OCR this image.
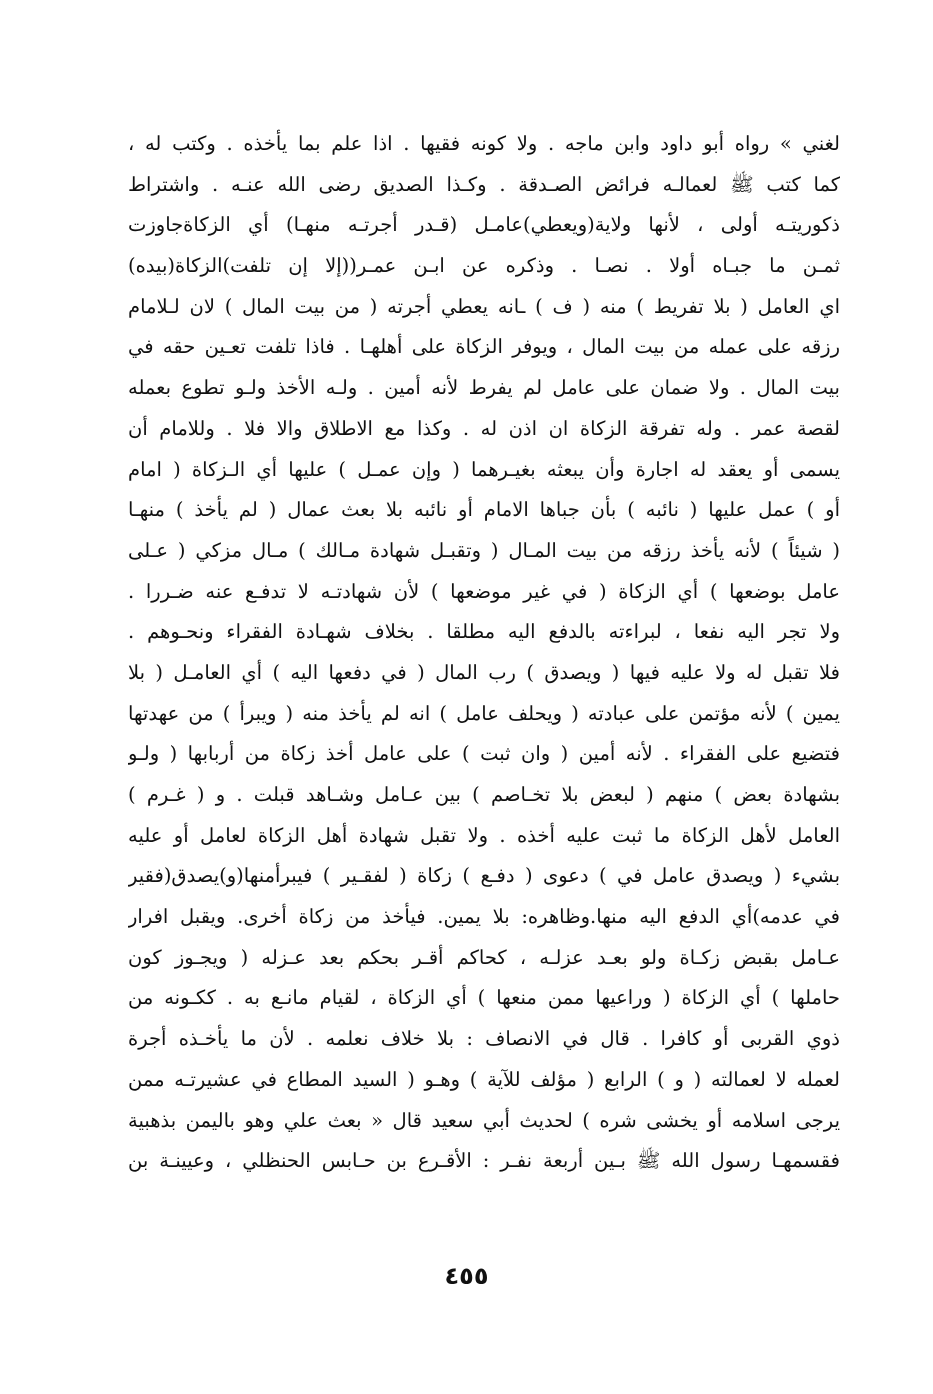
لغني » رواه أبو داود وابن ماجه . ولا كونه فقيها . اذا علم بما يأخذه . وكتب له ،
كما كتب ﷺ لعمالـه فرائض الصـدقة . وكـذا الصديق رضى الله عنـه . واشتراط
ذكوريتـه أولى ، لأنها ولاية(ويعطي)عامـل (قـدر أجرتـه منهـا) أي الزكاةجاوزت
ثمـن ما جبـاه أولا . نصـا . وذكره عن ابـن عمـر((إلا إن تلفت)الزكاة(بيده)
اي العامل ( بلا تفريط ) منه ( ف ) ـانه يعطي أجرته ( من بيت المال ) لان لـلامام
رزقه على عمله من بيت المال ، ويوفر الزكاة على أهلهـا . فاذا تلفت تعـين حقه في
بيت المال . ولا ضمان على عامل لم يفرط لأنه أمين . ولـه الأخذ ولـو تطوع بعمله
لقصة عمر . وله تفرقة الزكاة ان اذن له . وكذا مع الاطلاق والا فلا . وللامام أن
يسمى أو يعقد له اجارة وأن يبعثه بغيـرهما ( وإن عمـل ) عليها أي الـزكاة ( امام
أو ) عمل عليها ( نائبه ) بأن جباها الامام أو نائبه بلا بعث عمال ( لم يأخذ ) منهـا
( شيئاً ) لأنه يأخذ رزقه من بيت المـال ( وتقبـل شهادة مـالك ) مـال مزكي ( عـلى
عامل بوضعها ) أي الزكاة ( في غير موضعها ) لأن شهادتـه لا تدفـع عنه ضـررا .
ولا تجر اليه نفعا ، لبراءته بالدفع اليه مطلقا . بخلاف شهـادة الفقراء ونحـوهم .
فلا تقبل له ولا عليه فيها ( ويصدق ) رب المال ( في دفعها اليه ) أي العامـل ( بلا
يمين ) لأنه مؤتمن على عبادته ( ويحلف عامل ) انه لم يأخذ منه ( ويبرأ ) من عهدتها
فتضيع على الفقراء . لأنه أمين ( وان ثبت ) على عامل أخذ زكاة من أربابها ( ولـو
بشهادة بعض ) منهم ( لبعض بلا تخـاصم ) بين عـامل وشـاهد قبلت . و ( غـرم )
العامل لأهل الزكاة ما ثبت عليه أخذه . ولا تقبل شهادة أهل الزكاة لعامل أو عليه
بشيء ( ويصدق عامل في ) دعوى ( دفـع ) زكاة ( لفقـير ) فيبرأمنها(و)يصدق(فقير
في عدمه)أي الدفع اليه منها.وظاهره: بلا يمين. فيأخذ من زكاة أخرى. ويقبل افرار
عـامل بقبض زكـاة ولو بعـد عزلـه ، كحاكم أقـر بحكم بعد عـزله ( ويجـوز كون
حاملها ) أي الزكاة ( وراعيها ممن منعها ) أي الزكاة ، لقيام مانـع به . ككـونه من
ذوي القربى أو كافرا . قال في الانصاف : بلا خلاف نعلمه . لأن ما يأخـذه أجرة
لعمله لا لعمالته ( و ) الرابع ( مؤلف للآية ) وهـو ( السيد المطاع في عشيرتـه ممن
يرجى اسلامه أو يخشى شره ) لحديث أبي سعيد قال « بعث علي وهو باليمن بذهبية
فقسمهـا رسول الله ﷺ بـين أربعة نفـر : الأقـرع بن حـابس الحنظلي ، وعيينـة بن
٤٥٥
